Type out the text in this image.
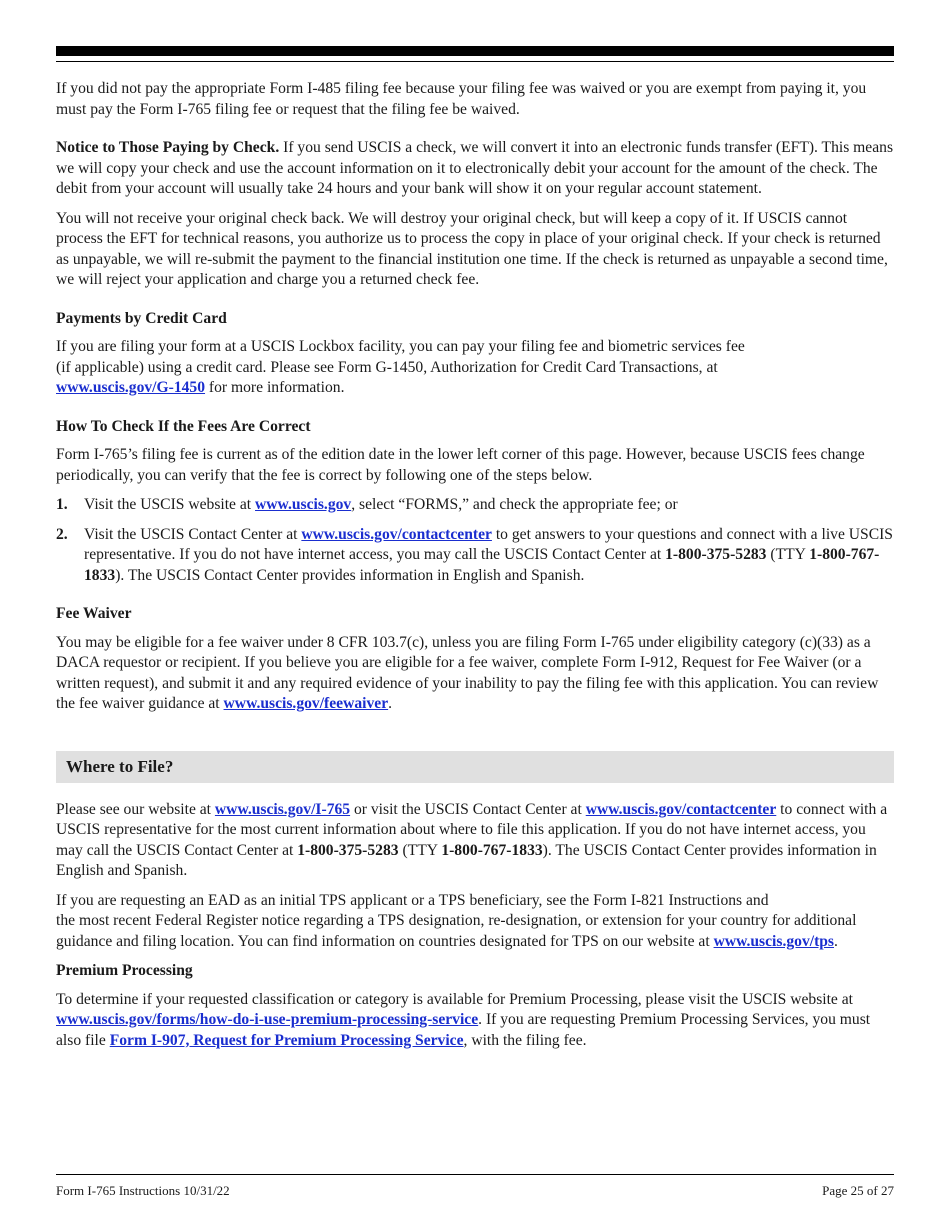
If you did not pay the appropriate Form I-485 filing fee because your filing fee was waived or you are exempt from paying it, you must pay the Form I-765 filing fee or request that the filing fee be waived.

Notice to Those Paying by Check. If you send USCIS a check, we will convert it into an electronic funds transfer (EFT). This means we will copy your check and use the account information on it to electronically debit your account for the amount of the check. The debit from your account will usually take 24 hours and your bank will show it on your regular account statement.

You will not receive your original check back. We will destroy your original check, but will keep a copy of it. If USCIS cannot process the EFT for technical reasons, you authorize us to process the copy in place of your original check. If your check is returned as unpayable, we will re-submit the payment to the financial institution one time. If the check is returned as unpayable a second time, we will reject your application and charge you a returned check fee.

Payments by Credit Card

If you are filing your form at a USCIS Lockbox facility, you can pay your filing fee and biometric services fee
(if applicable) using a credit card. Please see Form G-1450, Authorization for Credit Card Transactions, at
www.uscis.gov/G-1450 for more information.

How To Check If the Fees Are Correct

Form I-765’s filing fee is current as of the edition date in the lower left corner of this page. However, because USCIS fees change periodically, you can verify that the fee is correct by following one of the steps below.

1. Visit the USCIS website at www.uscis.gov, select “FORMS,” and check the appropriate fee; or
2. Visit the USCIS Contact Center at www.uscis.gov/contactcenter to get answers to your questions and connect with a live USCIS representative. If you do not have internet access, you may call the USCIS Contact Center at 1-800-375-5283 (TTY 1-800-767-1833). The USCIS Contact Center provides information in English and Spanish.
Fee Waiver

You may be eligible for a fee waiver under 8 CFR 103.7(c), unless you are filing Form I-765 under eligibility category (c)(33) as a DACA requestor or recipient. If you believe you are eligible for a fee waiver, complete Form I-912, Request for Fee Waiver (or a written request), and submit it and any required evidence of your inability to pay the filing fee with this application. You can review the fee waiver guidance at www.uscis.gov/feewaiver.

Where to File?

Please see our website at www.uscis.gov/I-765 or visit the USCIS Contact Center at www.uscis.gov/contactcenter to connect with a USCIS representative for the most current information about where to file this application. If you do not have internet access, you may call the USCIS Contact Center at 1-800-375-5283 (TTY 1-800-767-1833). The USCIS Contact Center provides information in English and Spanish.

If you are requesting an EAD as an initial TPS applicant or a TPS beneficiary, see the Form I-821 Instructions and
the most recent Federal Register notice regarding a TPS designation, re-designation, or extension for your country for additional guidance and filing location. You can find information on countries designated for TPS on our website at www.uscis.gov/tps.

Premium Processing

To determine if your requested classification or category is available for Premium Processing, please visit the USCIS website at www.uscis.gov/forms/how-do-i-use-premium-processing-service. If you are requesting Premium Processing Services, you must also file Form I-907, Request for Premium Processing Service, with the filing fee.

Form I-765 Instructions 10/31/22	Page 25 of 27
